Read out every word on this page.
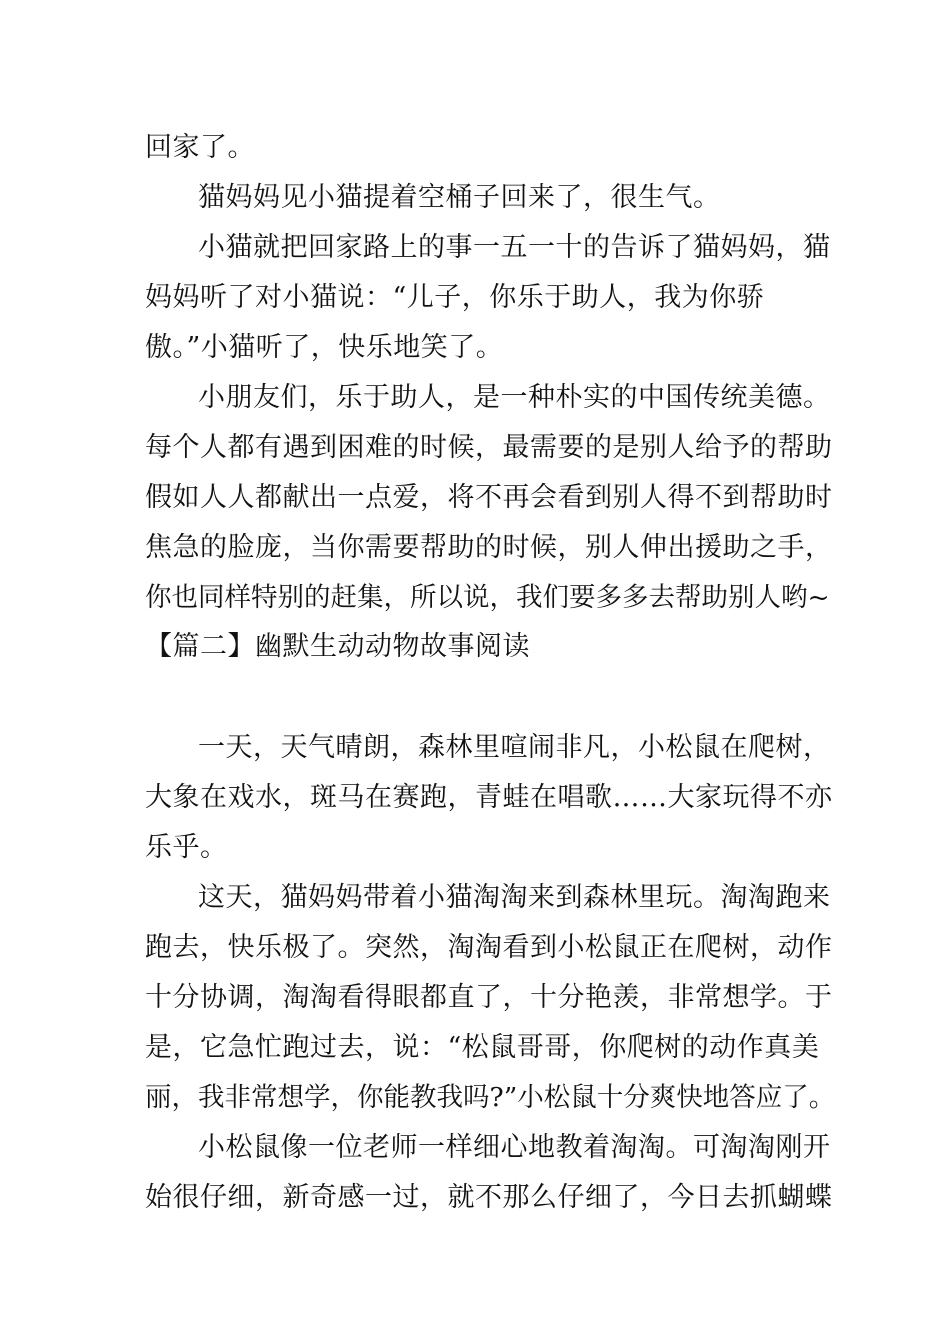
回家了。
猫妈妈见小猫提着空桶子回来了，很生气。
小猫就把回家路上的事一五一十的告诉了猫妈妈，猫
妈妈听了对小猫说：“儿子，你乐于助人，我为你骄
傲。”小猫听了，快乐地笑了。
小朋友们，乐于助人，是一种朴实的中国传统美德。
每个人都有遇到困难的时候，最需要的是别人给予的帮助
假如人人都献出一点爱，将不再会看到别人得不到帮助时
焦急的脸庞，当你需要帮助的时候，别人伸出援助之手，
你也同样特别的赶集，所以说，我们要多多去帮助别人哟~
【篇二】幽默生动动物故事阅读
一天，天气晴朗，森林里喧闹非凡，小松鼠在爬树，
大象在戏水，斑马在赛跑，青蛙在唱歌……大家玩得不亦
乐乎。
这天，猫妈妈带着小猫淘淘来到森林里玩。淘淘跑来
跑去，快乐极了。突然，淘淘看到小松鼠正在爬树，动作
十分协调，淘淘看得眼都直了，十分艳羡，非常想学。于
是，它急忙跑过去，说：“松鼠哥哥，你爬树的动作真美
丽，我非常想学，你能教我吗?”小松鼠十分爽快地答应了。
小松鼠像一位老师一样细心地教着淘淘。可淘淘刚开
始很仔细，新奇感一过，就不那么仔细了，今日去抓蝴蝶
